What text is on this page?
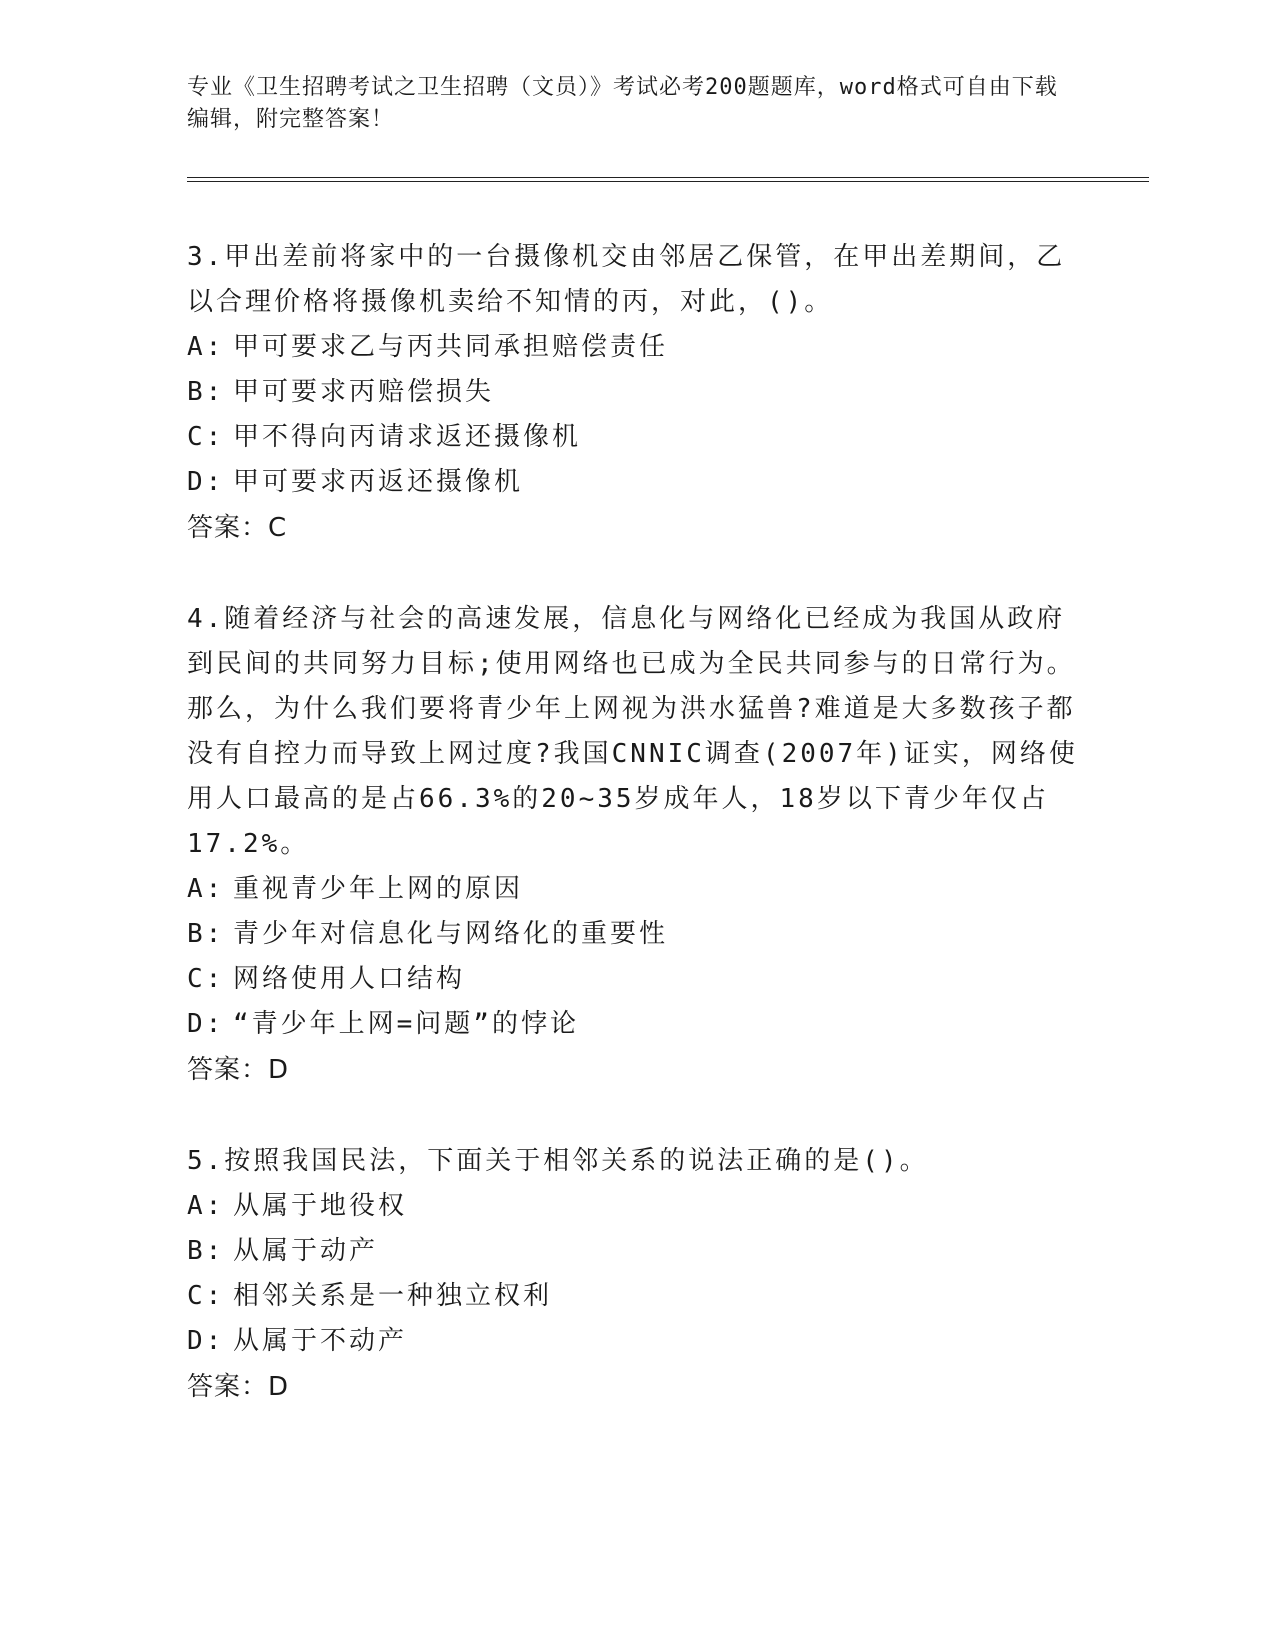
专业《卫生招聘考试之卫生招聘（文员）》考试必考200题题库，word格式可自由下载编辑，附完整答案！

3.甲出差前将家中的一台摄像机交由邻居乙保管，在甲出差期间，乙以合理价格将摄像机卖给不知情的丙，对此，()。

A: 甲可要求乙与丙共同承担赔偿责任

B: 甲可要求丙赔偿损失

C: 甲不得向丙请求返还摄像机

D: 甲可要求丙返还摄像机

答案：C

4.随着经济与社会的高速发展，信息化与网络化已经成为我国从政府到民间的共同努力目标;使用网络也已成为全民共同参与的日常行为。那么，为什么我们要将青少年上网视为洪水猛兽?难道是大多数孩子都没有自控力而导致上网过度?我国CNNIC调查(2007年)证实，网络使用人口最高的是占66.3%的20~35岁成年人，18岁以下青少年仅占17.2%。

A: 重视青少年上网的原因

B: 青少年对信息化与网络化的重要性

C: 网络使用人口结构

D: “青少年上网=问题”的悖论

答案：D

5.按照我国民法，下面关于相邻关系的说法正确的是()。

A: 从属于地役权

B: 从属于动产

C: 相邻关系是一种独立权利

D: 从属于不动产

答案：D
